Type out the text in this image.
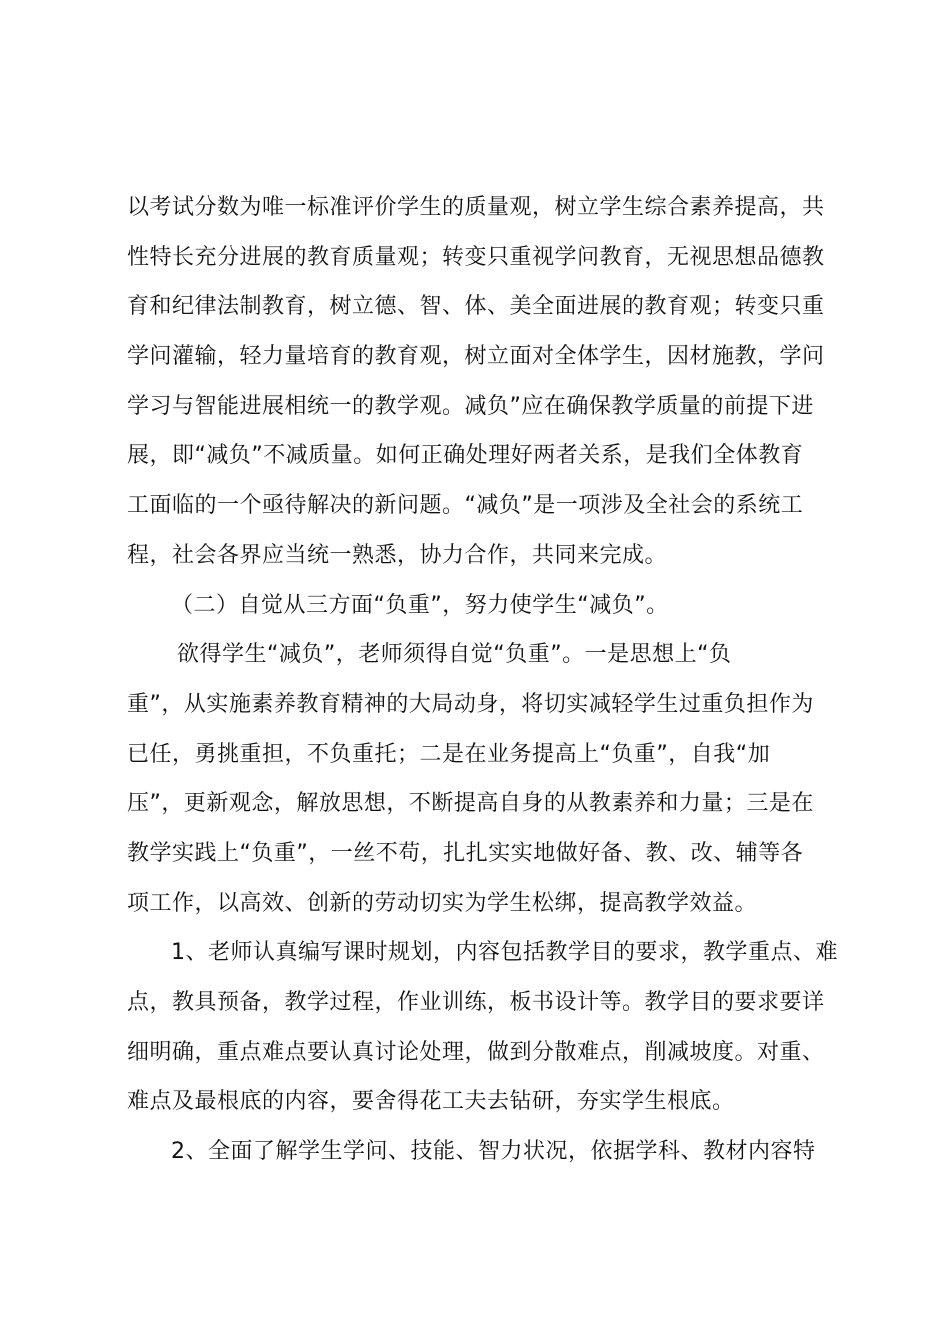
以考试分数为唯一标准评价学生的质量观，树立学生综合素养提高，共
性特长充分进展的教育质量观；转变只重视学问教育，无视思想品德教
育和纪律法制教育，树立德、智、体、美全面进展的教育观；转变只重
学问灌输，轻力量培育的教育观，树立面对全体学生，因材施教，学问
学习与智能进展相统一的教学观。减负”应在确保教学质量的前提下进
展，即“减负”不减质量。如何正确处理好两者关系，是我们全体教育
工面临的一个亟待解决的新问题。“减负”是一项涉及全社会的系统工
程，社会各界应当统一熟悉，协力合作，共同来完成。
（二）自觉从三方面“负重”，努力使学生“减负”。
欲得学生“减负”，老师须得自觉“负重”。一是思想上“负
重”，从实施素养教育精神的大局动身，将切实减轻学生过重负担作为
已任，勇挑重担，不负重托；二是在业务提高上“负重”，自我“加
压”，更新观念，解放思想，不断提高自身的从教素养和力量；三是在
教学实践上“负重”，一丝不苟，扎扎实实地做好备、教、改、辅等各
项工作，以高效、创新的劳动切实为学生松绑，提高教学效益。
1、老师认真编写课时规划，内容包括教学目的要求，教学重点、难
点，教具预备，教学过程，作业训练，板书设计等。教学目的要求要详
细明确，重点难点要认真讨论处理，做到分散难点，削减坡度。对重、
难点及最根底的内容，要舍得花工夫去钻研，夯实学生根底。
2、全面了解学生学问、技能、智力状况，依据学科、教材内容特
